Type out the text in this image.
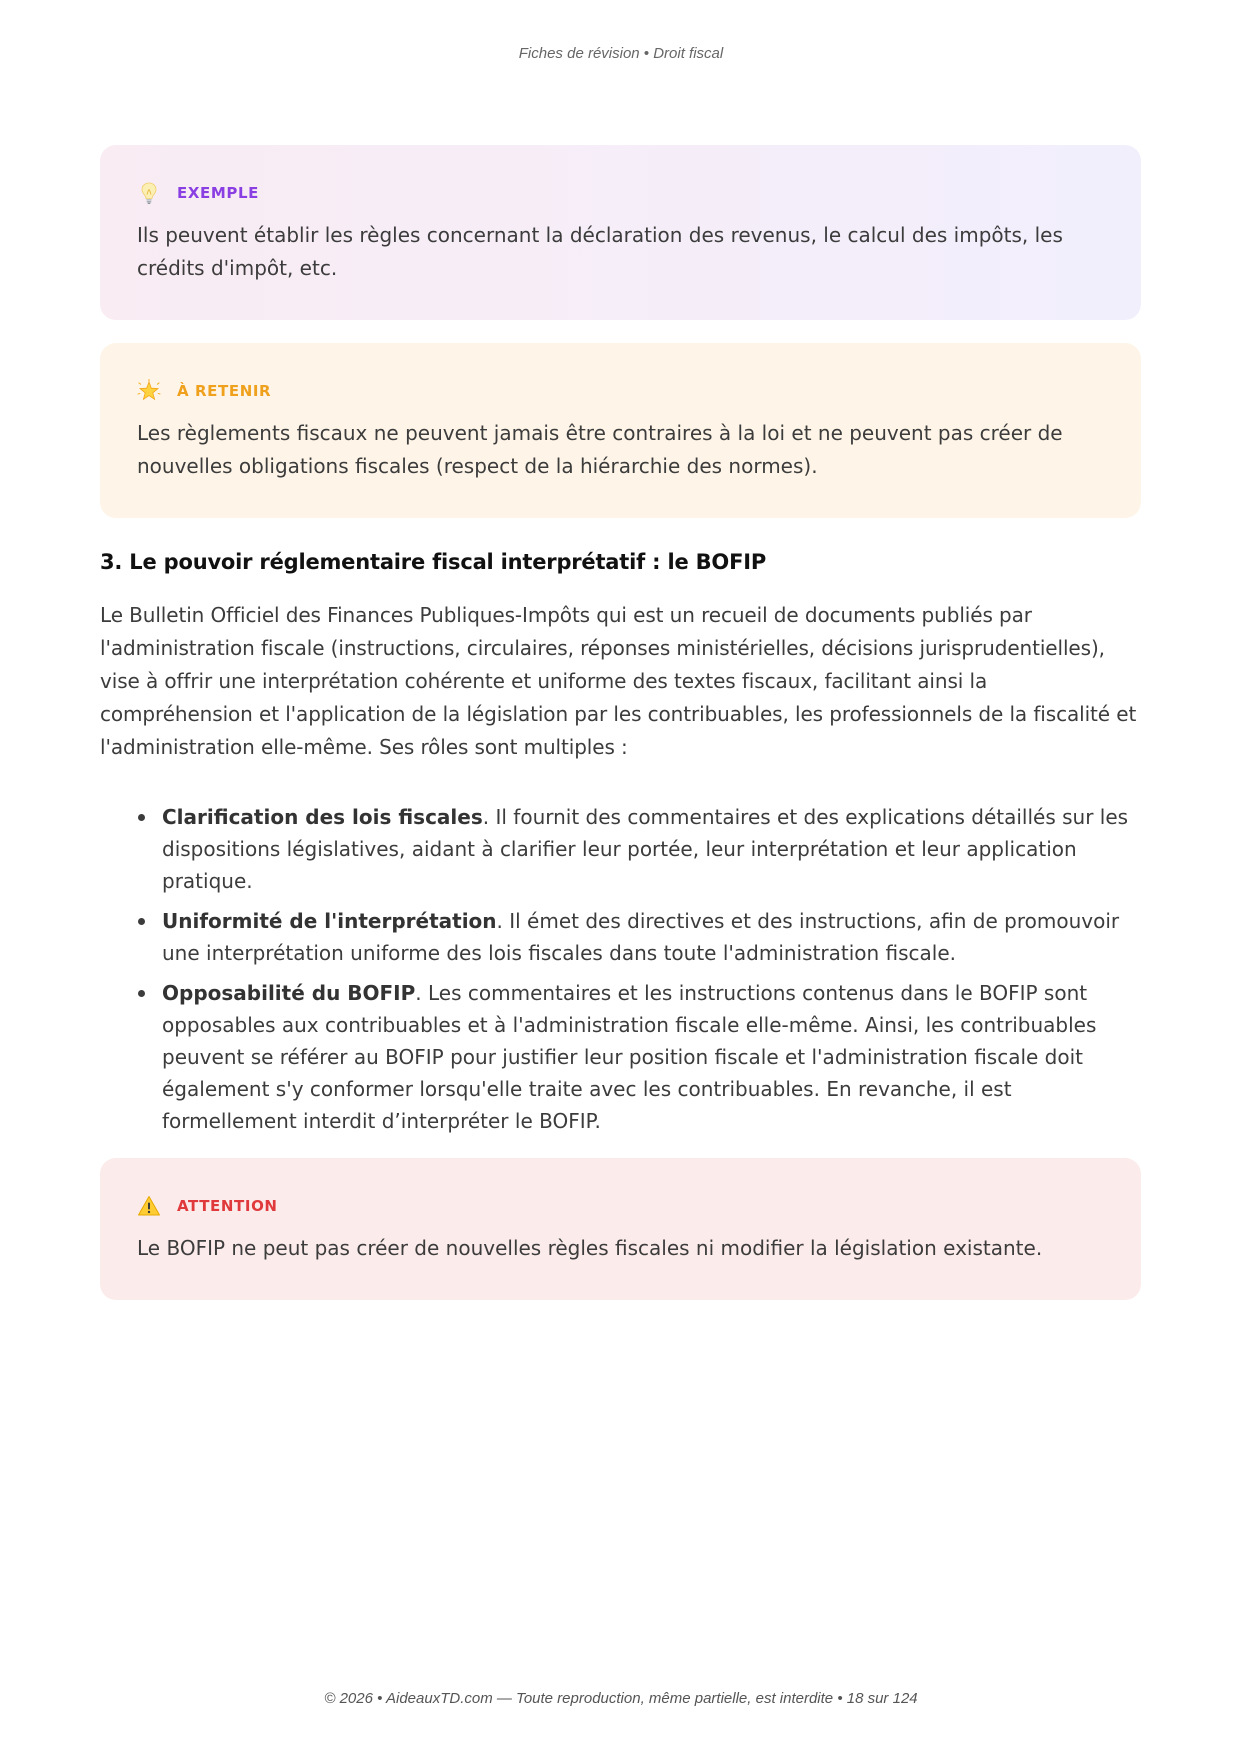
Fiches de révision • Droit fiscal
EXEMPLE

Ils peuvent établir les règles concernant la déclaration des revenus, le calcul des impôts, les crédits d'impôt, etc.

À RETENIR

Les règlements fiscaux ne peuvent jamais être contraires à la loi et ne peuvent pas créer de nouvelles obligations fiscales (respect de la hiérarchie des normes).

3. Le pouvoir réglementaire fiscal interprétatif : le BOFIP

Le Bulletin Officiel des Finances Publiques-Impôts qui est un recueil de documents publiés par l'administration fiscale (instructions, circulaires, réponses ministérielles, décisions jurisprudentielles), vise à offrir une interprétation cohérente et uniforme des textes fiscaux, facilitant ainsi la compréhension et l'application de la législation par les contribuables, les professionnels de la fiscalité et l'administration elle-même. Ses rôles sont multiples :

Clarification des lois fiscales. Il fournit des commentaires et des explications détaillés sur les dispositions législatives, aidant à clarifier leur portée, leur interprétation et leur application pratique.
Uniformité de l'interprétation. Il émet des directives et des instructions, afin de promouvoir une interprétation uniforme des lois fiscales dans toute l'administration fiscale.
Opposabilité du BOFIP. Les commentaires et les instructions contenus dans le BOFIP sont opposables aux contribuables et à l'administration fiscale elle-même. Ainsi, les contribuables peuvent se référer au BOFIP pour justifier leur position fiscale et l'administration fiscale doit également s'y conformer lorsqu'elle traite avec les contribuables. En revanche, il est formellement interdit d’interpréter le BOFIP.
ATTENTION

Le BOFIP ne peut pas créer de nouvelles règles fiscales ni modifier la législation existante.

© 2026 • AideauxTD.com — Toute reproduction, même partielle, est interdite • 18 sur 124
